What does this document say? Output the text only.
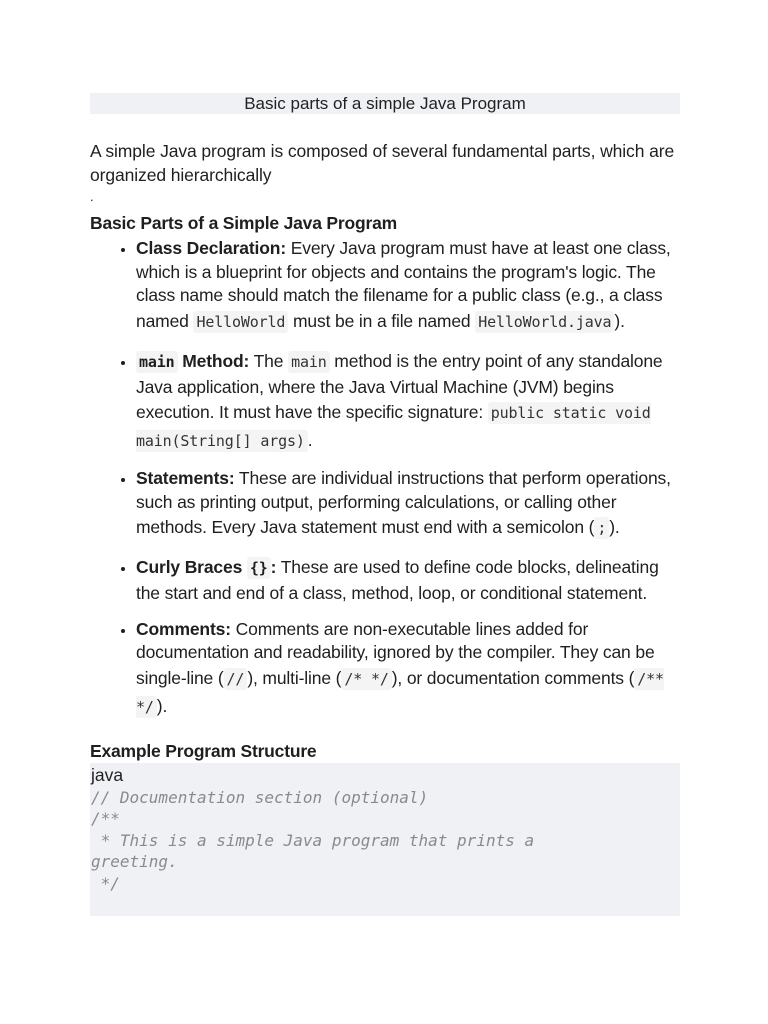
Basic parts of a simple Java Program
A simple Java program is composed of several fundamental parts, which are organized hierarchically
.
Basic Parts of a Simple Java Program
• Class Declaration: Every Java program must have at least one class, which is a blueprint for objects and contains the program's logic. The class name should match the filename for a public class (e.g., a class named HelloWorld must be in a file named HelloWorld.java ).
• main Method: The main method is the entry point of any standalone Java application, where the Java Virtual Machine (JVM) begins execution. It must have the specific signature: public static void main(String[] args) .
• Statements: These are individual instructions that perform operations, such as printing output, performing calculations, or calling other methods. Every Java statement must end with a semicolon ( ; ).
• Curly Braces {} : These are used to define code blocks, delineating the start and end of a class, method, loop, or conditional statement.
• Comments: Comments are non-executable lines added for documentation and readability, ignored by the compiler. They can be single-line ( // ), multi-line ( /* */ ), or documentation comments ( /** */ ).
Example Program Structure
java
// Documentation section (optional)
/**
* This is a simple Java program that prints a
greeting.
*/
